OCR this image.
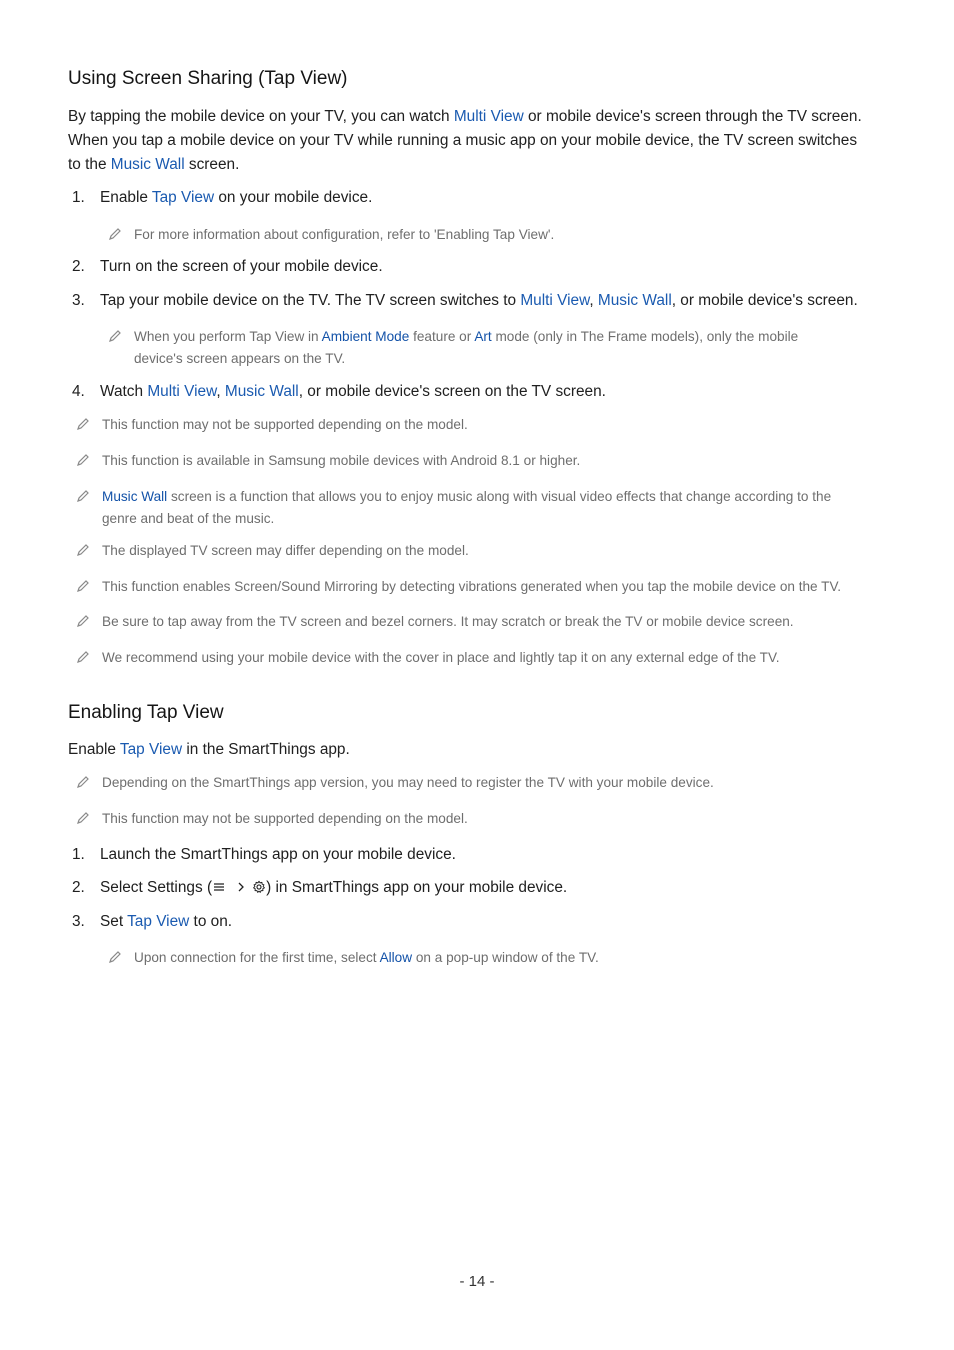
Using Screen Sharing (Tap View)
By tapping the mobile device on your TV, you can watch Multi View or mobile device's screen through the TV screen.
When you tap a mobile device on your TV while running a music app on your mobile device, the TV screen switches
to the Music Wall screen.
1. Enable Tap View on your mobile device.
For more information about configuration, refer to 'Enabling Tap View'.
2. Turn on the screen of your mobile device.
3. Tap your mobile device on the TV. The TV screen switches to Multi View, Music Wall, or mobile device's screen.
When you perform Tap View in Ambient Mode feature or Art mode (only in The Frame models), only the mobile
device's screen appears on the TV.
4. Watch Multi View, Music Wall, or mobile device's screen on the TV screen.
This function may not be supported depending on the model.
This function is available in Samsung mobile devices with Android 8.1 or higher.
Music Wall screen is a function that allows you to enjoy music along with visual video effects that change according to the
genre and beat of the music.
The displayed TV screen may differ depending on the model.
This function enables Screen/Sound Mirroring by detecting vibrations generated when you tap the mobile device on the TV.
Be sure to tap away from the TV screen and bezel corners. It may scratch or break the TV or mobile device screen.
We recommend using your mobile device with the cover in place and lightly tap it on any external edge of the TV.
Enabling Tap View
Enable Tap View in the SmartThings app.
Depending on the SmartThings app version, you may need to register the TV with your mobile device.
This function may not be supported depending on the model.
1. Launch the SmartThings app on your mobile device.
2. Select Settings (	) in SmartThings app on your mobile device.
3. Set Tap View to on.
Upon connection for the first time, select Allow on a pop-up window of the TV.
- 14 -
